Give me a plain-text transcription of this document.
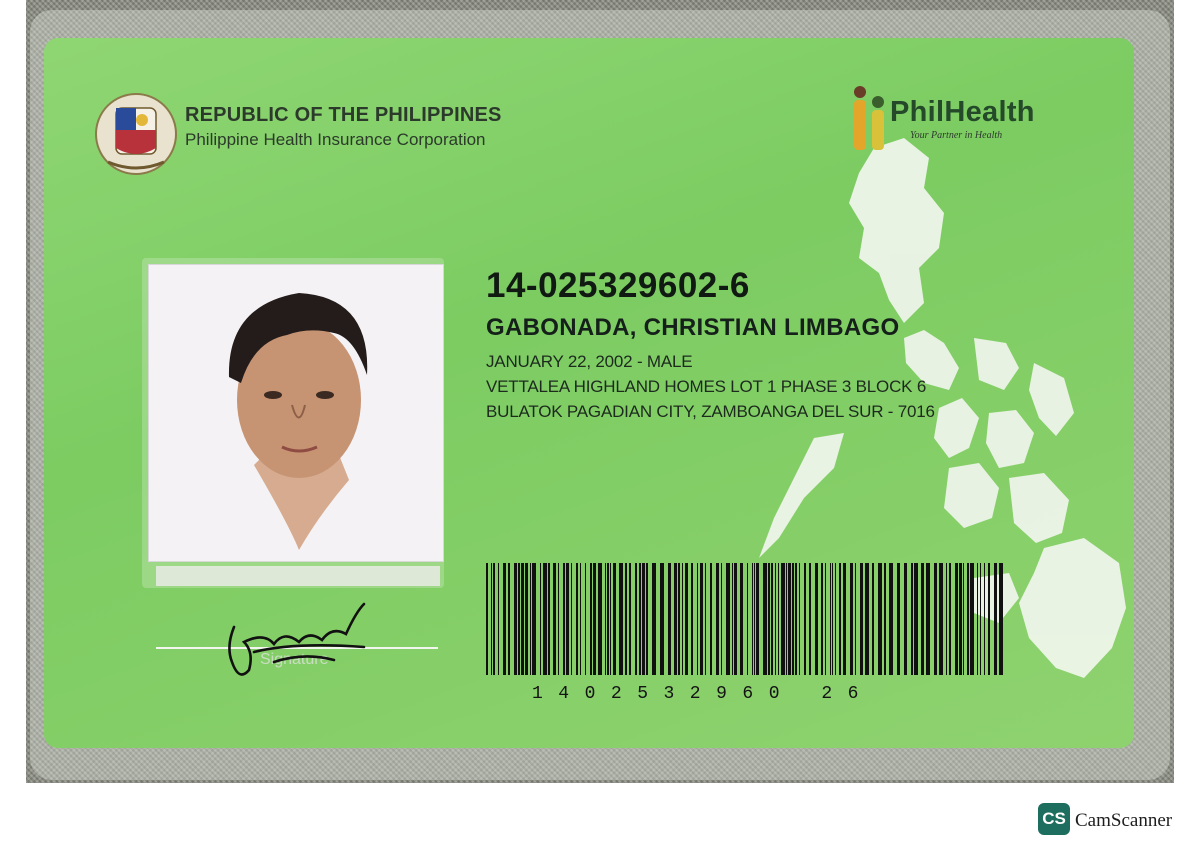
REPUBLIC OF THE PHILIPPINES
Philippine Health Insurance Corporation
PhilHealth
Your Partner in Health
Signature
14-025329602-6
GABONADA, CHRISTIAN LIMBAGO
JANUARY 22, 2002 - MALE
VETTALEA HIGHLAND HOMES LOT 1 PHASE 3 BLOCK 6
BULATOK PAGADIAN CITY, ZAMBOANGA DEL SUR - 7016
1402532960 26
CS CamScanner
